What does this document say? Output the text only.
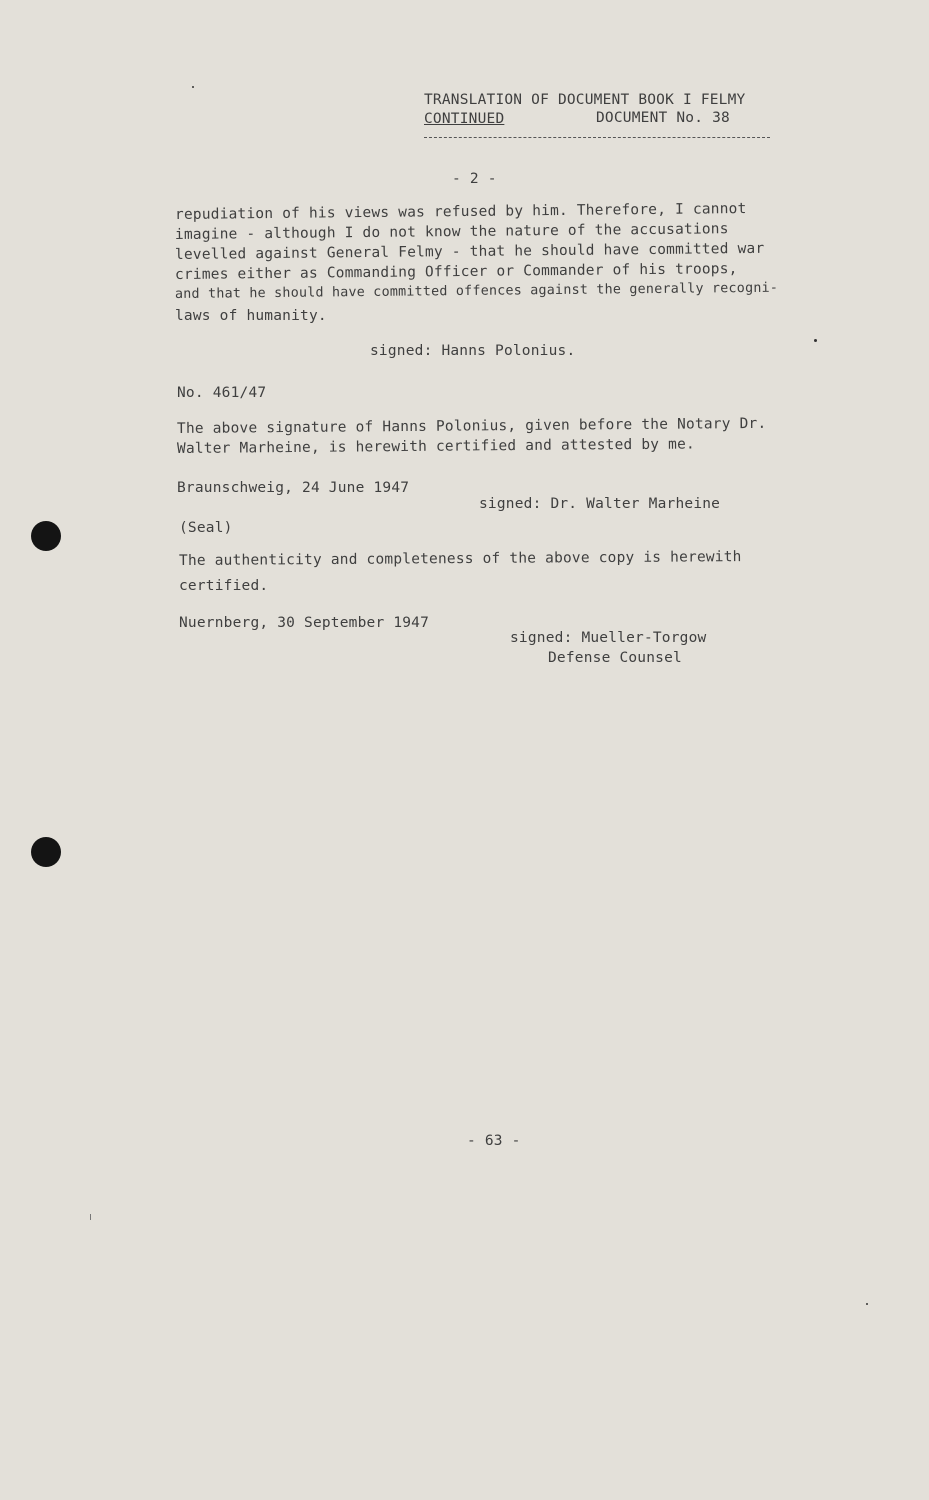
TRANSLATION OF DOCUMENT BOOK I FELMY
CONTINUED	DOCUMENT No. 38
- 2 -
repudiation of his views was refused by him. Therefore, I cannot
imagine - although I do not know the nature of the accusations
levelled against General Felmy - that he should have committed war
crimes either as Commanding Officer or Commander of his troops,
and that he should have committed offences against the generally recogni-
laws of humanity.
signed: Hanns Polonius.
No. 461/47
The above signature of Hanns Polonius, given before the Notary Dr.
Walter Marheine, is herewith certified and attested by me.
Braunschweig, 24 June 1947
signed: Dr. Walter Marheine
(Seal)
The authenticity and completeness of the above copy is herewith
certified.
Nuernberg, 30 September 1947
signed: Mueller-Torgow
Defense Counsel
- 63 -
